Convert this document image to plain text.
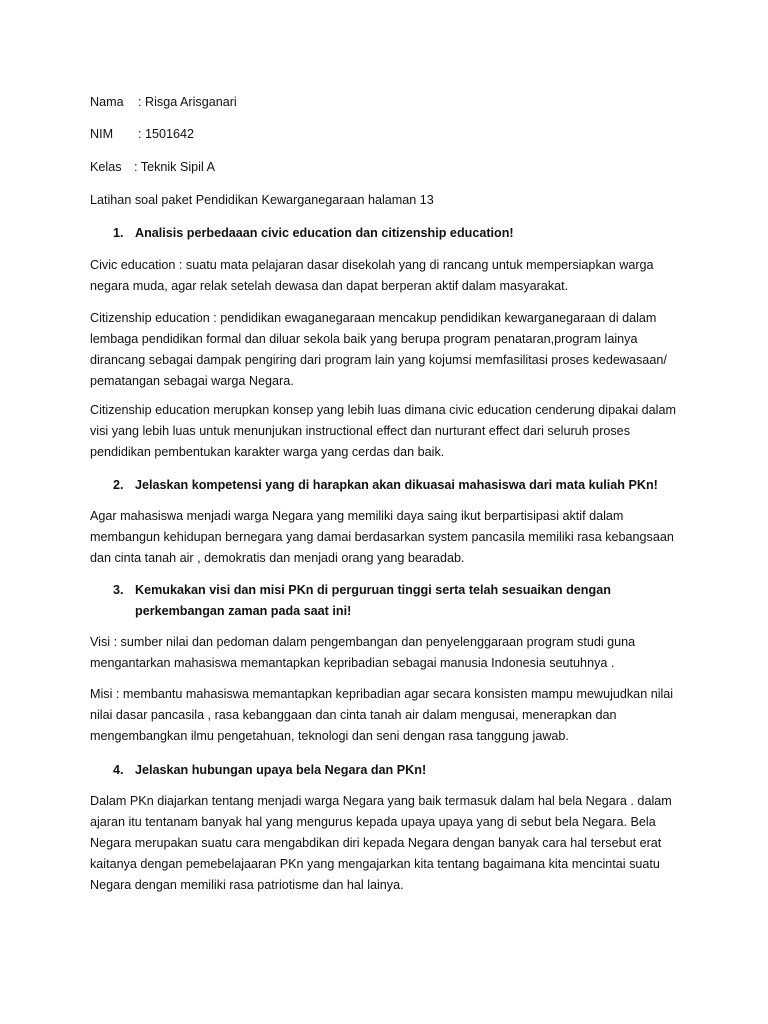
Nama : Risga Arisganari
NIM : 1501642
Kelas : Teknik Sipil A
Latihan soal paket Pendidikan Kewarganegaraan halaman 13
1. Analisis perbedaaan civic education dan citizenship education!

Civic education : suatu mata pelajaran dasar disekolah yang di rancang untuk mempersiapkan warga negara muda, agar relak setelah dewasa dan dapat berperan aktif dalam masyarakat.

Citizenship education : pendidikan ewaganegaraan mencakup pendidikan kewarganegaraan di dalam lembaga pendidikan formal dan diluar sekola baik yang berupa program penataran,program lainya dirancang sebagai dampak pengiring dari program lain yang kojumsi memfasilitasi proses kedewasaan/ pematangan sebagai warga Negara.

Citizenship education merupkan konsep yang lebih luas dimana civic education cenderung dipakai dalam visi yang lebih luas untuk menunjukan instructional effect dan nurturant effect dari seluruh proses pendidikan pembentukan karakter warga yang cerdas dan baik.

2. Jelaskan kompetensi yang di harapkan akan dikuasai mahasiswa dari mata kuliah PKn!

Agar mahasiswa menjadi warga Negara yang memiliki daya saing ikut berpartisipasi aktif dalam membangun kehidupan bernegara yang damai berdasarkan system pancasila memiliki rasa kebangsaan dan cinta tanah air , demokratis dan menjadi orang yang bearadab.

3. Kemukakan visi dan misi PKn di perguruan tinggi serta telah sesuaikan dengan perkembangan zaman pada saat ini!

Visi : sumber nilai dan pedoman dalam pengembangan dan penyelenggaraan program studi guna mengantarkan mahasiswa memantapkan kepribadian sebagai manusia Indonesia seutuhnya .

Misi : membantu mahasiswa memantapkan kepribadian agar secara konsisten mampu mewujudkan nilai nilai dasar pancasila , rasa kebanggaan dan cinta tanah air dalam mengusai, menerapkan dan mengembangkan ilmu pengetahuan, teknologi dan seni dengan rasa tanggung jawab.

4. Jelaskan hubungan upaya bela Negara dan PKn!

Dalam PKn diajarkan tentang menjadi warga Negara yang baik termasuk dalam hal bela Negara . dalam ajaran itu tentanam banyak hal yang mengurus kepada upaya upaya yang di sebut bela Negara. Bela Negara merupakan suatu cara mengabdikan diri kepada Negara dengan banyak cara hal tersebut erat kaitanya dengan pemebelajaaran PKn yang mengajarkan kita tentang bagaimana kita mencintai suatu Negara dengan memiliki rasa patriotisme dan hal lainya.
